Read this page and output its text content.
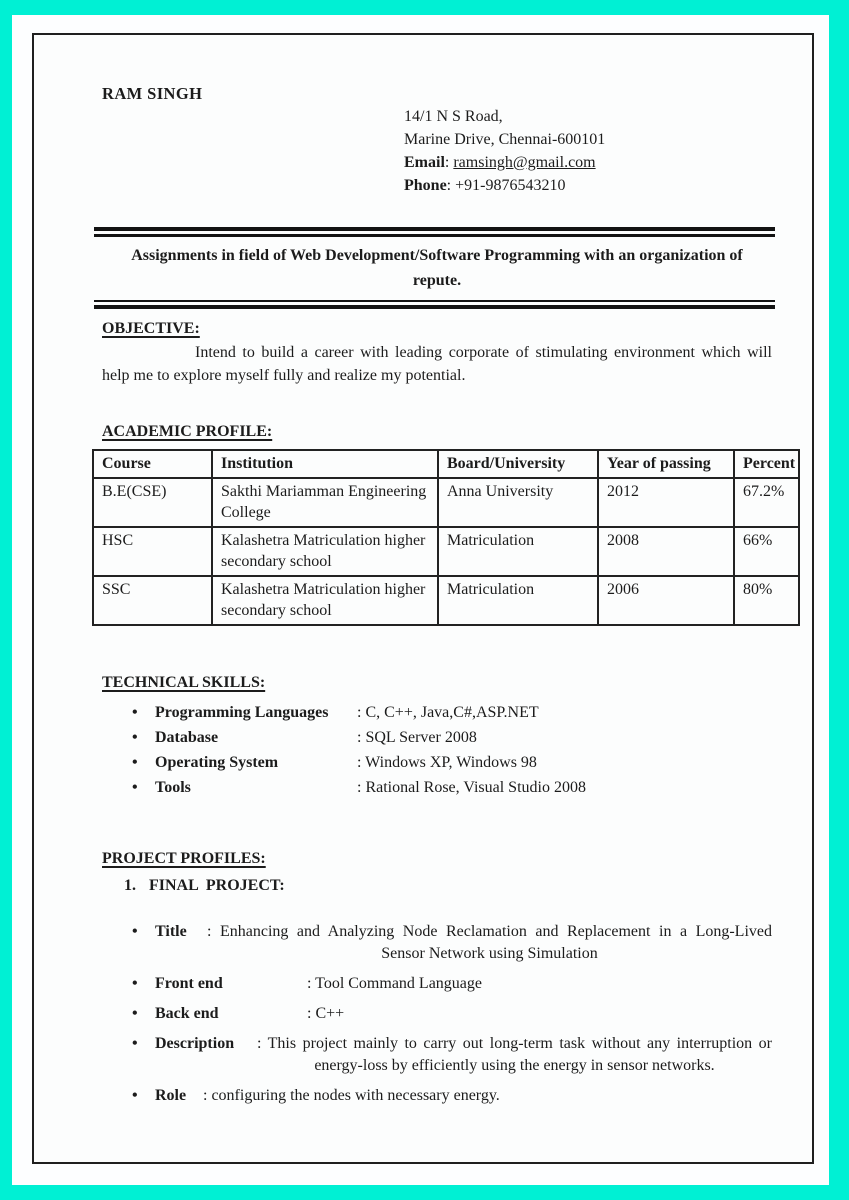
RAM SINGH
14/1 N S Road,
Marine Drive, Chennai-600101
Email: ramsingh@gmail.com
Phone: +91-9876543210
Assignments in field of Web Development/Software Programming with an organization of repute.
OBJECTIVE:

Intend to build a career with leading corporate of stimulating environment which will help me to explore myself fully and realize my potential.

ACADEMIC PROFILE:
Course	Institution	Board/University	Year of passing	Percent
B.E(CSE)	Sakthi Mariamman Engineering College	Anna University	2012	67.2%
HSC	Kalashetra Matriculation higher secondary school	Matriculation	2008	66%
SSC	Kalashetra Matriculation higher secondary school	Matriculation	2006	80%
TECHNICAL SKILLS:
•	Programming Languages	: C, C++, Java,C#,ASP.NET
•	Database	: SQL Server 2008
•	Operating System	: Windows XP, Windows 98
•	Tools	: Rational Rose, Visual Studio 2008
PROJECT PROFILES:
1. FINAL  PROJECT:
•	Title	: Enhancing and Analyzing Node Reclamation and Replacement in a Long-Lived Sensor Network using Simulation
•	Front end	: Tool Command Language
•	Back end	: C++
•	Description	: This project mainly to carry out long-term task without any interruption or energy-loss by efficiently using the energy in sensor networks.
•	Role	: configuring the nodes with necessary energy.
